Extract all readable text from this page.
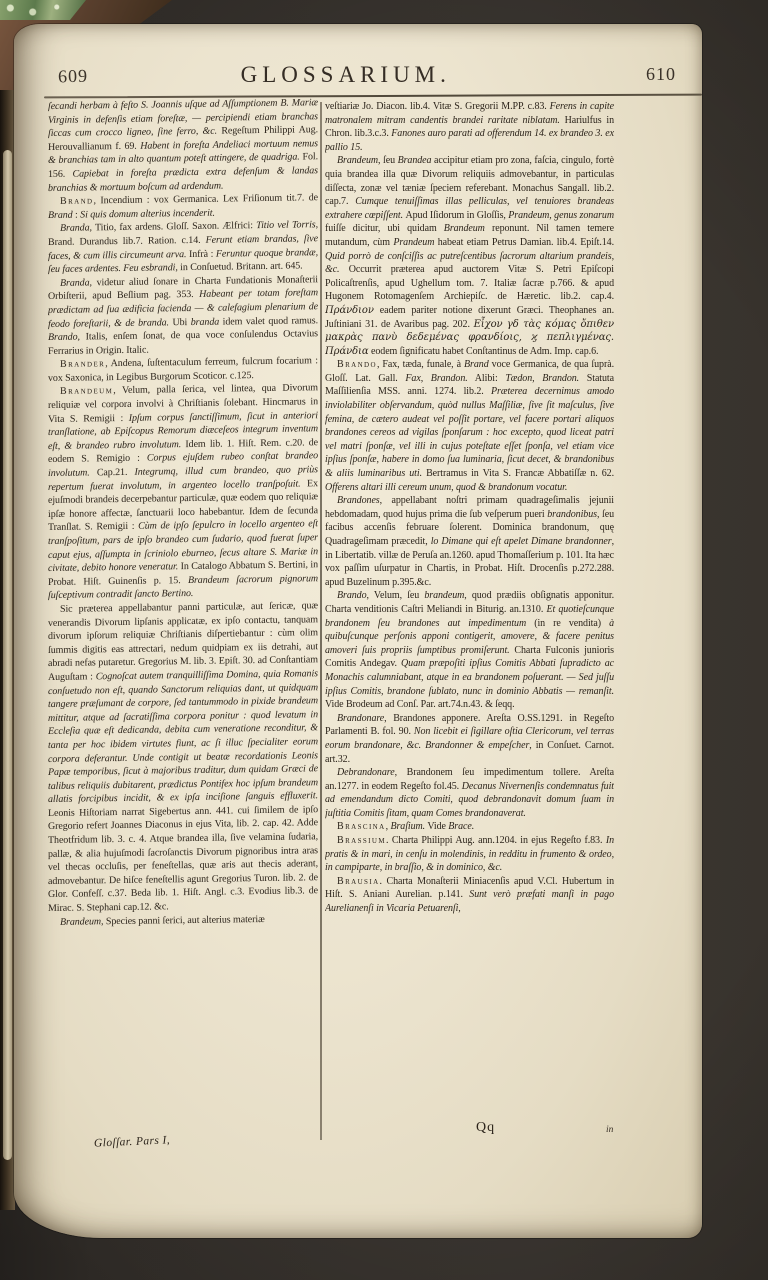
609	GLOSSARIUM.	610

ſecandi herbam à feſto S. Joannis uſque ad Aſſumptionem B. Mariæ Virginis in defenſis etiam foreſtæ, — percipiendi etiam branchas ſiccas cum crocco ligneo, ſine ferro, &c. Regeſtum Philippi Aug. Herouvallianum f. 69. Habent in foreſta Andeliaci mortuum nemus & branchias tam in alto quantum poteſt attingere, de quadriga. Fol. 156. Capiebat in foreſta prædicta extra defenſum & landas branchias & mortuum boſcum ad ardendum.

Brand, Incendium : vox Germanica. Lex Friſionum tit.7. de Brand : Si quis domum alterius incenderit.

Branda, Titio, fax ardens. Gloſſ. Saxon. Ælfrici: Titio vel Torris, Brand. Durandus lib.7. Ration. c.14. Ferunt etiam brandas, ſive faces, & cum illis circumeunt arva. Infrà : Feruntur quoque brandæ, ſeu faces ardentes. Feu esbrandi, in Conſuetud. Britann. art. 645.

Branda, videtur aliud ſonare in Charta Fundationis Monaſterii Orbiſterii, apud Beſlium pag. 353. Habeant per totam foreſtam prædictam ad ſua ædificia facienda — & calefagium plenarium de feodo foreſtarii, & de branda. Ubi branda idem valet quod ramus. Brando, Italis, enſem ſonat, de qua voce conſulendus Octavius Ferrarius in Origin. Italic.

Brander, Andena, ſuſtentaculum ferreum, fulcrum focarium : vox Saxonica, in Legibus Burgorum Scoticor. c.125.

Brandeum, Velum, palla ſerica, vel lintea, qua Divorum reliquiæ vel corpora involvi à Chriſtianis ſolebant. Hincmarus in Vita S. Remigii : Ipſum corpus ſanctiſſimum, ſicut in anteriori tranſlatione, ab Epiſcopus Remorum diæceſeos integrum inventum eſt, & brandeo rubro involutum. Idem lib. 1. Hiſt. Rem. c.20. de eodem S. Remigio : Corpus ejuſdem rubeo conſtat brandeo involutum. Cap.21. Integrumq, illud cum brandeo, quo priùs repertum fuerat involutum, in argenteo locello tranſpoſuit. Ex ejuſmodi brandeis decerpebantur particulæ, quæ eodem quo reliquiæ ipſæ honore affectæ, ſanctuarii loco habebantur. Idem de ſecunda Tranſlat. S. Remigii : Cùm de ipſo ſepulcro in locello argenteo eſt tranſpoſitum, pars de ipſo brandeo cum ſudario, quod fuerat ſuper caput ejus, aſſumpta in ſcriniolo eburneo, ſecus altare S. Mariæ in civitate, debito honore veneratur. In Catalogo Abbatum S. Bertini, in Probat. Hiſt. Guinenſis p. 15. Brandeum ſacrorum pignorum ſuſceptivum contradit ſancto Bertino.

Sic præterea appellabantur panni particulæ, aut ſericæ, quæ venerandis Divorum lipſanis applicatæ, ex ipſo contactu, tanquam divorum ipſorum reliquiæ Chriſtianis diſpertiebantur : cùm olim ſummis digitis eas attrectari, nedum quidpiam ex iis detrahi, aut abradi nefas putaretur. Gregorius M. lib. 3. Epiſt. 30. ad Conſtantiam Auguſtam : Cognoſcat autem tranquilliſſima Domina, quia Romanis conſuetudo non eſt, quando Sanctorum reliquias dant, ut quidquam tangere præſumant de corpore, ſed tantummodo in pixide brandeum mittitur, atque ad ſacratiſſima corpora ponitur : quod levatum in Eccleſia quæ eſt dedicanda, debita cum veneratione reconditur, & tanta per hoc ibidem virtutes fiunt, ac ſi illuc ſpecialiter eorum corpora deferantur. Unde contigit ut beatæ recordationis Leonis Papæ temporibus, ſicut à majoribus traditur, dum quidam Græci de talibus reliquiis dubitarent, prædictus Pontifex hoc ipſum brandeum allatis forcipibus incidit, & ex ipſa inciſione ſanguis effluxerit. Leonis Hiſtoriam narrat Sigebertus ann. 441. cui ſimilem de ipſo Gregorio refert Joannes Diaconus in ejus Vita, lib. 2. cap. 42. Adde Theotfridum lib. 3. c. 4. Atque brandea illa, ſive velamina ſudaria, pallæ, & alia hujuſmodi ſacroſanctis Divorum pignoribus intra aras vel thecas occluſis, per feneſtellas, quæ aris aut thecis aderant, admovebantur. De hiſce feneſtellis agunt Gregorius Turon. lib. 2. de Glor. Confeſſ. c.37. Beda lib. 1. Hiſt. Angl. c.3. Evodius lib.3. de Mirac. S. Stephani cap.12. &c.

Brandeum, Species panni ſerici, aut alterius materiæ

veſtiariæ Jo. Diacon. lib.4. Vitæ S. Gregorii M.PP. c.83. Ferens in capite matronalem mitram candentis brandei raritate niblatam. Hariulfus in Chron. lib.3.c.3. Fanones auro parati ad offerendum 14. ex brandeo 3. ex pallio 15.

Brandeum, ſeu Brandea accipitur etiam pro zona, faſcia, cingulo, fortè quia brandea illa quæ Divorum reliquiis admovebantur, in particulas diſſecta, zonæ vel tæniæ ſpeciem referebant. Monachus Sangall. lib.2. cap.7. Cumque tenuiſſimas illas pelliculas, vel tenuiores brandeas extrahere cœpiſſent. Apud Iſidorum in Gloſſis, Prandeum, genus zonarum fuiſſe dicitur, ubi quidam Brandeum reponunt. Nil tamen temere mutandum, cùm Prandeum habeat etiam Petrus Damian. lib.4. Epiſt.14. Quid porrò de conſciſſis ac putreſcentibus ſacrorum altarium prandeis, &c. Occurrit præterea apud auctorem Vitæ S. Petri Epiſcopi Policaſtrenſis, apud Ughellum tom. 7. Italiæ ſacræ p.766. & apud Hugonem Rotomagenſem Archiepiſc. de Hæretic. lib.2. cap.4. Πράνδιον eadem pariter notione dixerunt Græci. Theophanes an. Juſtiniani 31. de Avaribus pag. 202. Εἶχον γδ τὰς κόμας ὄπιθεν μακρὰς πανὺ δεδεμένας φρανδίοις, ϗ πεπλιγμένας. Πράνδια eodem ſignificatu habet Conſtantinus de Adm. Imp. cap.6.

Brando, Fax, tæda, funale, à Brand voce Germanica, de qua ſuprà. Gloſſ. Lat. Gall. Fax, Brandon. Alibi: Tædon, Brandon. Statuta Maſſilienſia MSS. anni. 1274. lib.2. Præterea decernimus amodo inviolabiliter obſervandum, quòd nullus Maſſiliæ, ſive ſit maſculus, ſive femina, de cætero audeat vel poſſit portare, vel facere portari aliquos brandones cereos ad vigilas ſponſarum : hoc excepto, quod liceat patri vel matri ſponſæ, vel illi in cujus poteſtate eſſet ſponſa, vel etiam vice ipſius ſponſæ, habere in domo ſua luminaria, ſicut decet, & brandonibus & aliis luminaribus uti. Bertramus in Vita S. Francæ Abbatiſſæ n. 62. Offerens altari illi cereum unum, quod & brandonum vocatur.

Brandones, appellabant noſtri primam quadrageſimalis jejunii hebdomadam, quod hujus prima die ſub veſperum pueri brandonibus, ſeu facibus accenſis februare ſolerent. Dominica brandonum, quę Quadrageſimam præcedit, lo Dimane qui eſt apelet Dimane brandonner, in Libertatib. villæ de Peruſa an.1260. apud Thomaſſerium p. 101. Ita hæc vox paſſim uſurpatur in Chartis, in Probat. Hiſt. Drocenſis p.272.288. apud Buzelinum p.395.&c.

Brando, Velum, ſeu brandeum, quod prædiis obſignatis apponitur. Charta venditionis Caſtri Meliandi in Biturig. an.1310. Et quotieſcunque brandonem ſeu brandones aut impedimentum (in re vendita) à quibuſcunque perſonis apponi contigerit, amovere, & facere penitus amoveri ſuis propriis ſumptibus promiſerunt. Charta Fulconis junioris Comitis Andegav. Quam præpoſiti ipſius Comitis Abbati ſupradicto ac Monachis calumniabant, atque in ea brandonem poſuerant. — Sed juſſu ipſius Comitis, brandone ſublato, nunc in dominio Abbatis — remanſit. Vide Brodeum ad Conſ. Par. art.74.n.43. & ſeqq.

Brandonare, Brandones apponere. Areſta O.SS.1291. in Regeſto Parlamenti B. fol. 90. Non licebit ei ſigillare oſtia Clericorum, vel terras eorum brandonare, &c. Brandonner & empeſcher, in Conſuet. Carnot. art.32.

Debrandonare, Brandonem ſeu impedimentum tollere. Areſta an.1277. in eodem Regeſto fol.45. Decanus Nivernenſis condemnatus fuit ad emendandum dicto Comiti, quod debrandonavit domum ſuam in juſtitia Comitis ſitam, quam Comes brandonaverat.

Brascina, Braſium. Vide Brace.

Brassium. Charta Philippi Aug. ann.1204. in ejus Regeſto f.83. In pratis & in mari, in cenſu in molendinis, in redditu in frumento & ordeo, in campiparte, in braſſio, & in dominico, &c.

Brausia. Charta Monaſterii Miniacenſis apud V.Cl. Hubertum in Hiſt. S. Aniani Aurelian. p.141. Sunt verò præfati manſi in pago Aurelianenſi in Vicaria Petuarenſi,

Gloſſar. Pars I,
Qq	in
